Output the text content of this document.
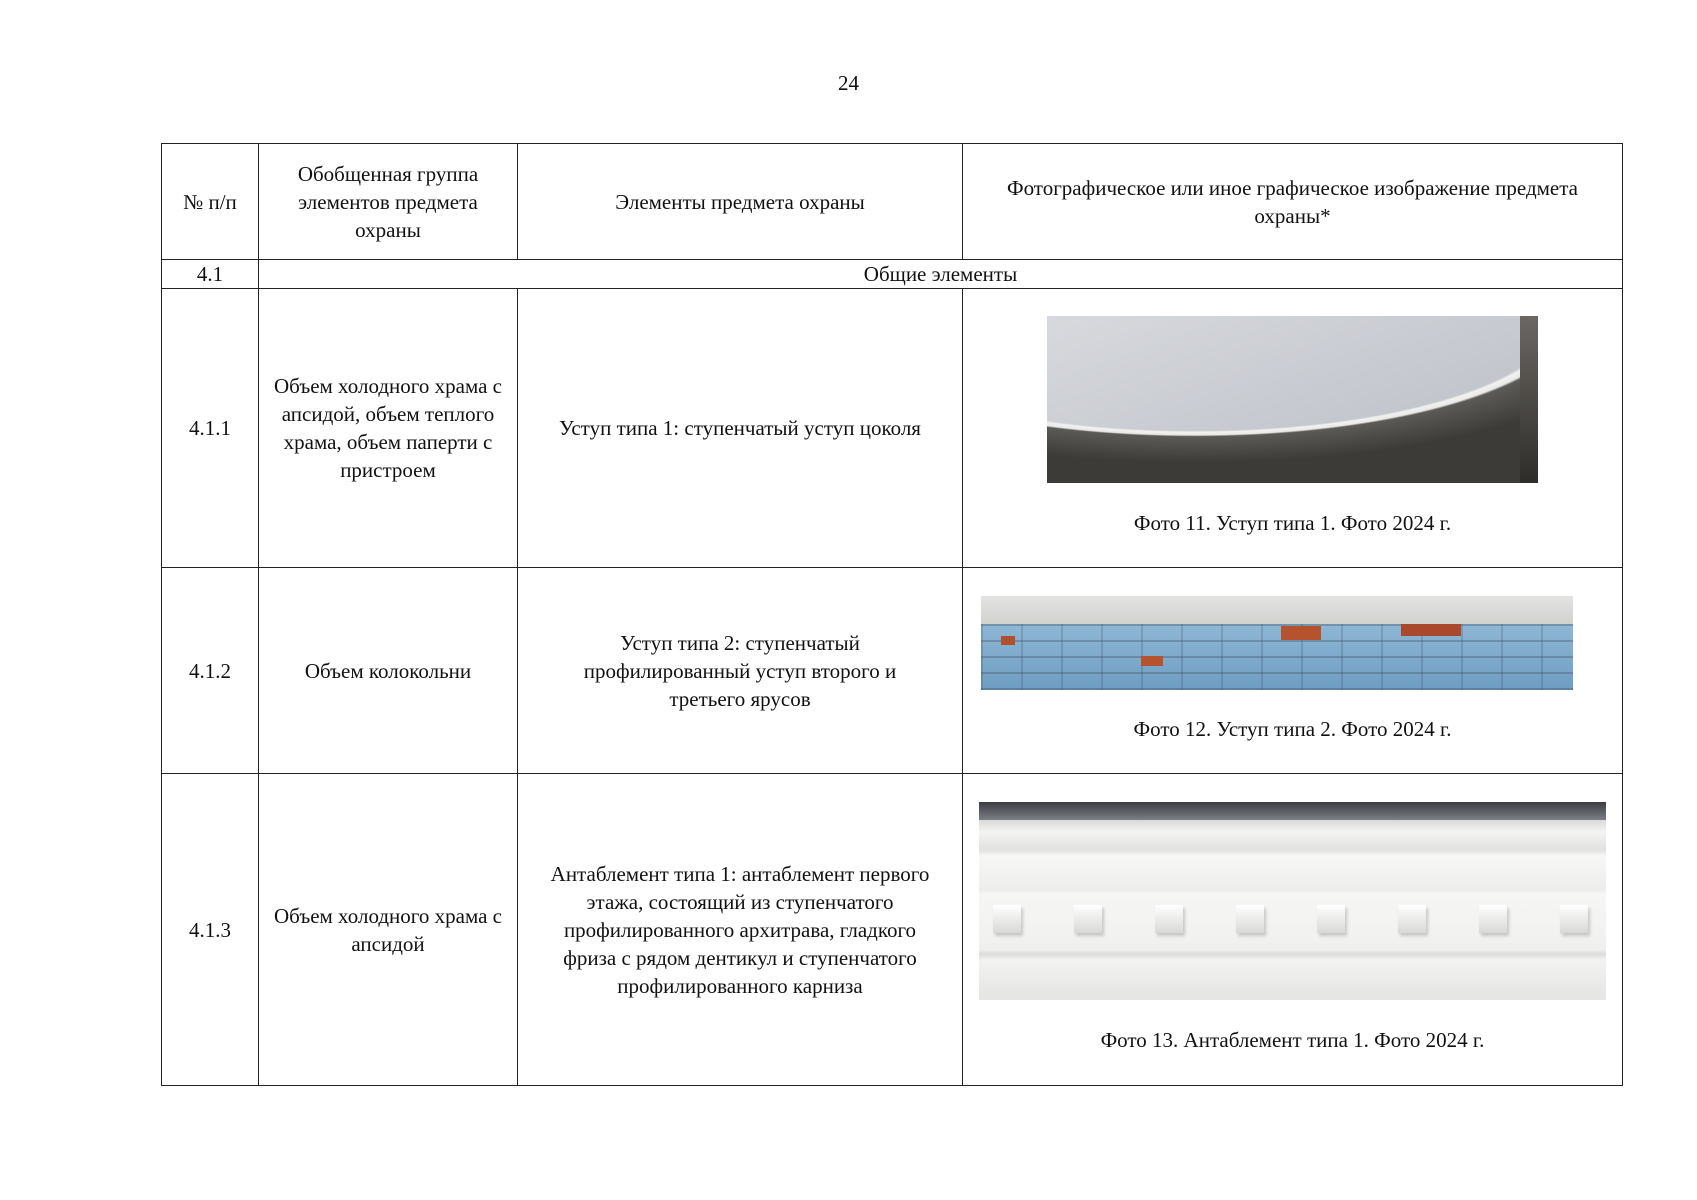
24
№ п/п	Обобщенная группа элементов предмета охраны	Элементы предмета охраны	Фотографическое или иное графическое изображение предмета охраны*
4.1	Общие элементы		
4.1.1	Объем холодного храма с апсидой, объем теплого храма, объем паперти с пристроем	Уступ типа 1: ступенчатый уступ цоколя	Фото 11. Уступ типа 1. Фото 2024 г.

4.1.2	Объем колокольни	Уступ типа 2: ступенчатый профилированный уступ второго и третьего ярусов	Фото 12. Уступ типа 2. Фото 2024 г.

4.1.3	Объем холодного храма с апсидой	Антаблемент типа 1: антаблемент первого этажа, состоящий из ступенчатого профилированного архитрава, гладкого фриза с рядом дентикул и ступенчатого профилированного карниза	Фото 13. Антаблемент типа 1. Фото 2024 г.
